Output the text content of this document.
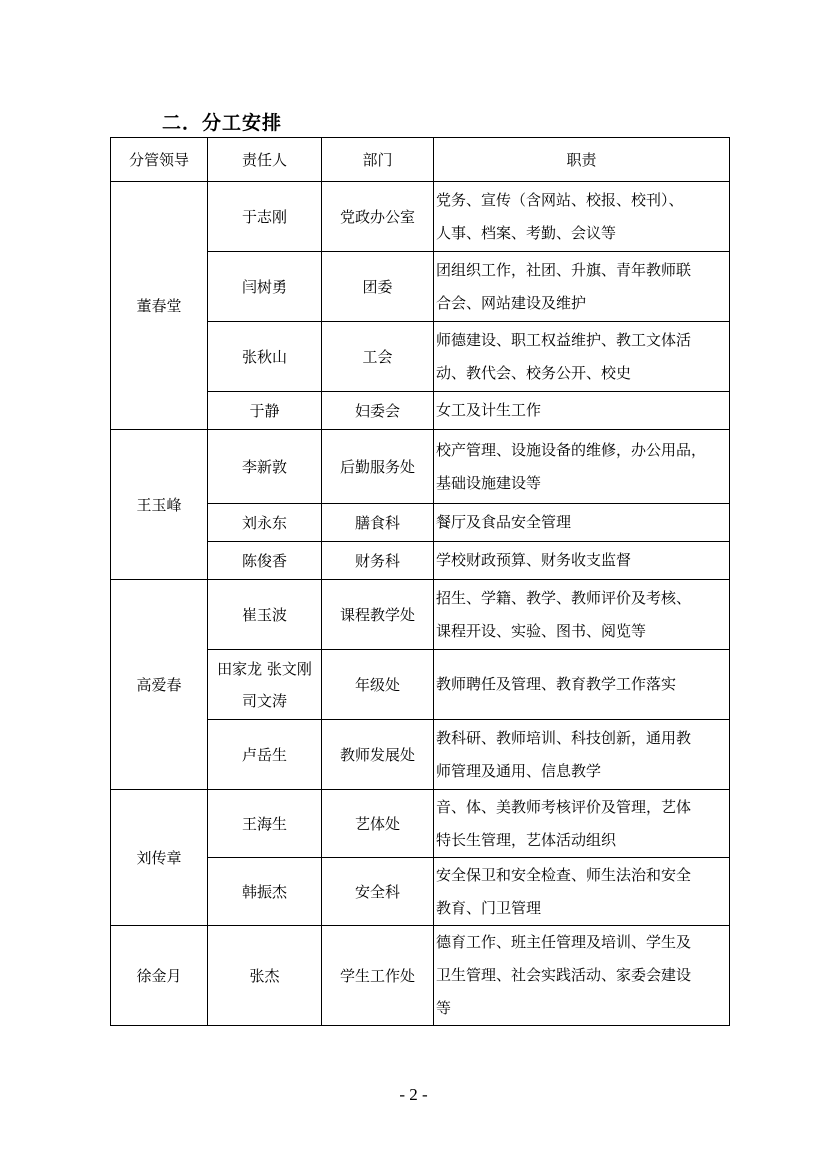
二．分工安排
分管领导	责任人	部门	职责
董春堂	于志刚	党政办公室	党务、宣传（含网站、校报、校刊）、
人事、档案、考勤、会议等

	闫树勇	团委	团组织工作，社团、升旗、青年教师联
合会、网站建设及维护

	张秋山	工会	师德建设、职工权益维护、教工文体活
动、教代会、校务公开、校史

	于静	妇委会	女工及计生工作

王玉峰	李新敦	后勤服务处	校产管理、设施设备的维修，办公用品，
基础设施建设等

	刘永东	膳食科	餐厅及食品安全管理

	陈俊香	财务科	学校财政预算、财务收支监督

高爱春	崔玉波	课程教学处	招生、学籍、教学、教师评价及考核、
课程开设、实验、图书、阅览等

	田家龙 张文刚
司文涛	年级处	教师聘任及管理、教育教学工作落实

	卢岳生	教师发展处	教科研、教师培训、科技创新，通用教
师管理及通用、信息教学

刘传章	王海生	艺体处	音、体、美教师考核评价及管理，艺体
特长生管理，艺体活动组织

	韩振杰	安全科	安全保卫和安全检查、师生法治和安全
教育、门卫管理

徐金月	张杰	学生工作处	德育工作、班主任管理及培训、学生及
卫生管理、社会实践活动、家委会建设
等
- 2 -
